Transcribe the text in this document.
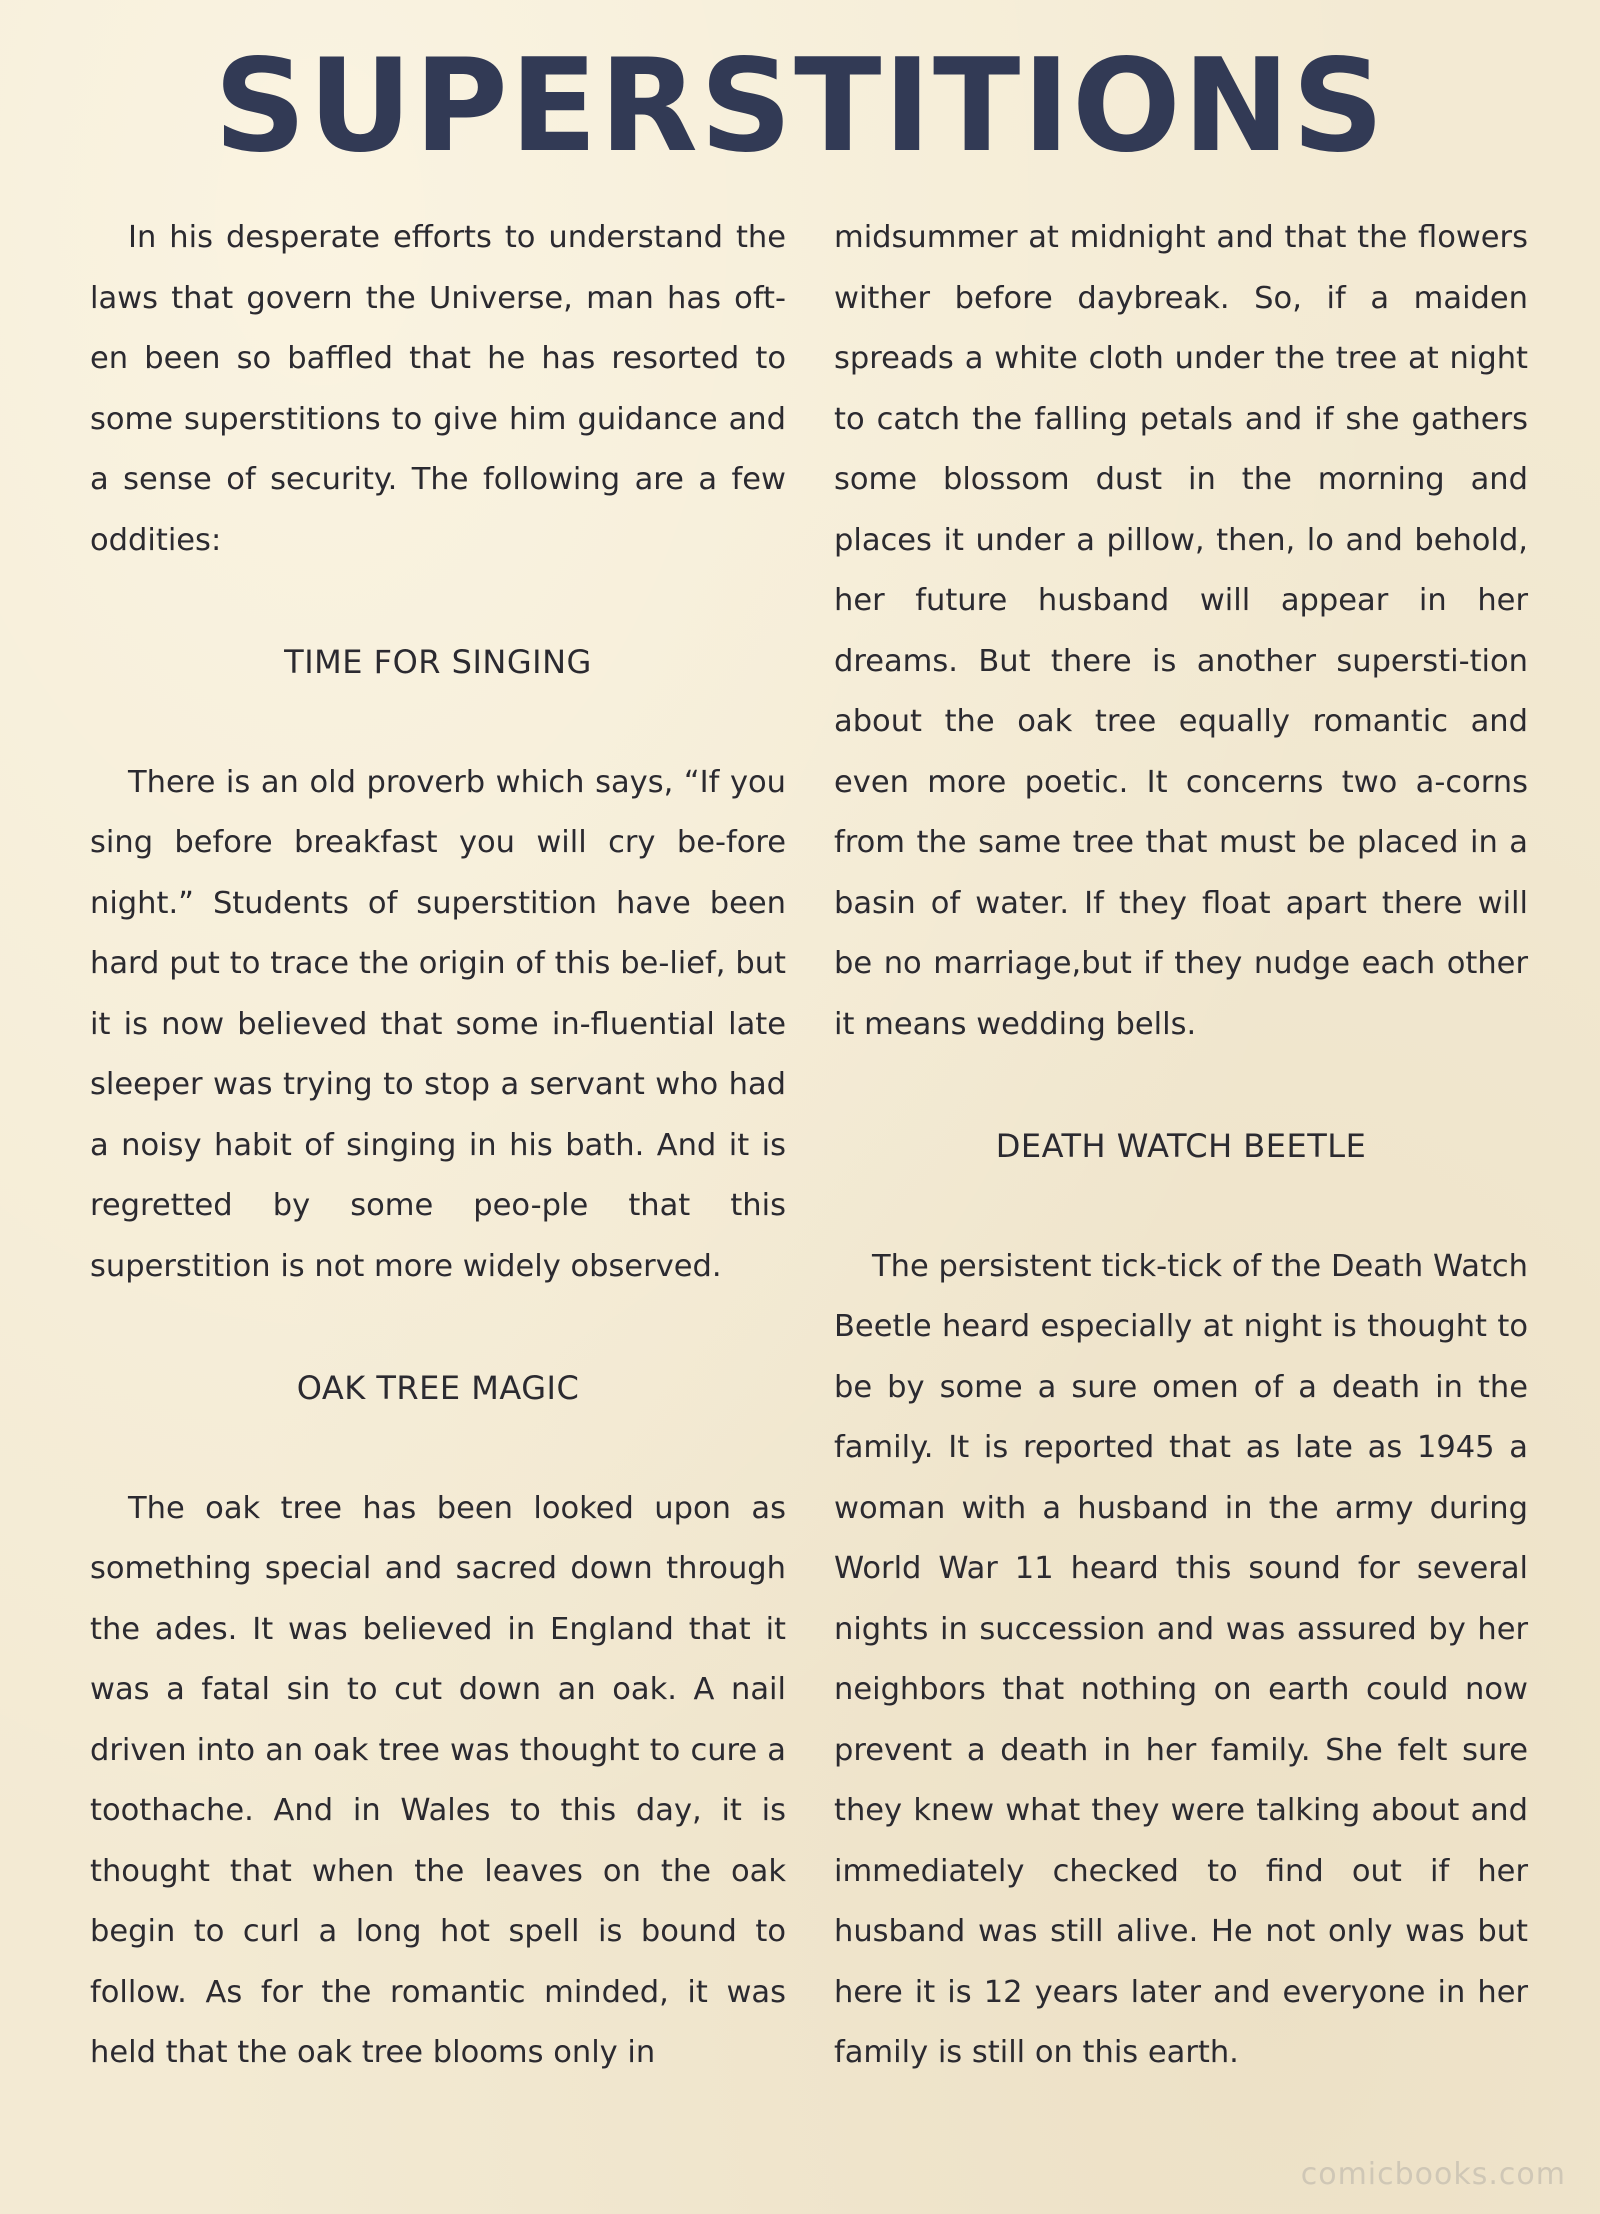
SUPERSTITIONS

In his desperate efforts to understand the laws that govern the Universe, man has oft-en been so baffled that he has resorted to some superstitions to give him guidance and a sense of security. The following are a few oddities:

TIME FOR SINGING

There is an old proverb which says, “If you sing before breakfast you will cry be-fore night.” Students of superstition have been hard put to trace the origin of this be-lief, but it is now believed that some in-fluential late sleeper was trying to stop a servant who had a noisy habit of singing in his bath. And it is regretted by some peo-ple that this superstition is not more widely observed.

OAK TREE MAGIC

The oak tree has been looked upon as something special and sacred down through the ades. It was believed in England that it was a fatal sin to cut down an oak. A nail driven into an oak tree was thought to cure a toothache. And in Wales to this day, it is thought that when the leaves on the oak begin to curl a long hot spell is bound to follow. As for the romantic minded, it was held that the oak tree blooms only in

midsummer at midnight and that the flowers wither before daybreak. So, if a maiden spreads a white cloth under the tree at night to catch the falling petals and if she gathers some blossom dust in the morning and places it under a pillow, then, lo and behold, her future husband will appear in her dreams. But there is another supersti-tion about the oak tree equally romantic and even more poetic. It concerns two a-corns from the same tree that must be placed in a basin of water. If they float apart there will be no marriage,but if they nudge each other it means wedding bells.

DEATH WATCH BEETLE

The persistent tick-tick of the Death Watch Beetle heard especially at night is thought to be by some a sure omen of a death in the family. It is reported that as late as 1945 a woman with a husband in the army during World War 11 heard this sound for several nights in succession and was assured by her neighbors that nothing on earth could now prevent a death in her family. She felt sure they knew what they were talking about and immediately checked to find out if her husband was still alive. He not only was but here it is 12 years later and everyone in her family is still on this earth.

comicbooks.com
